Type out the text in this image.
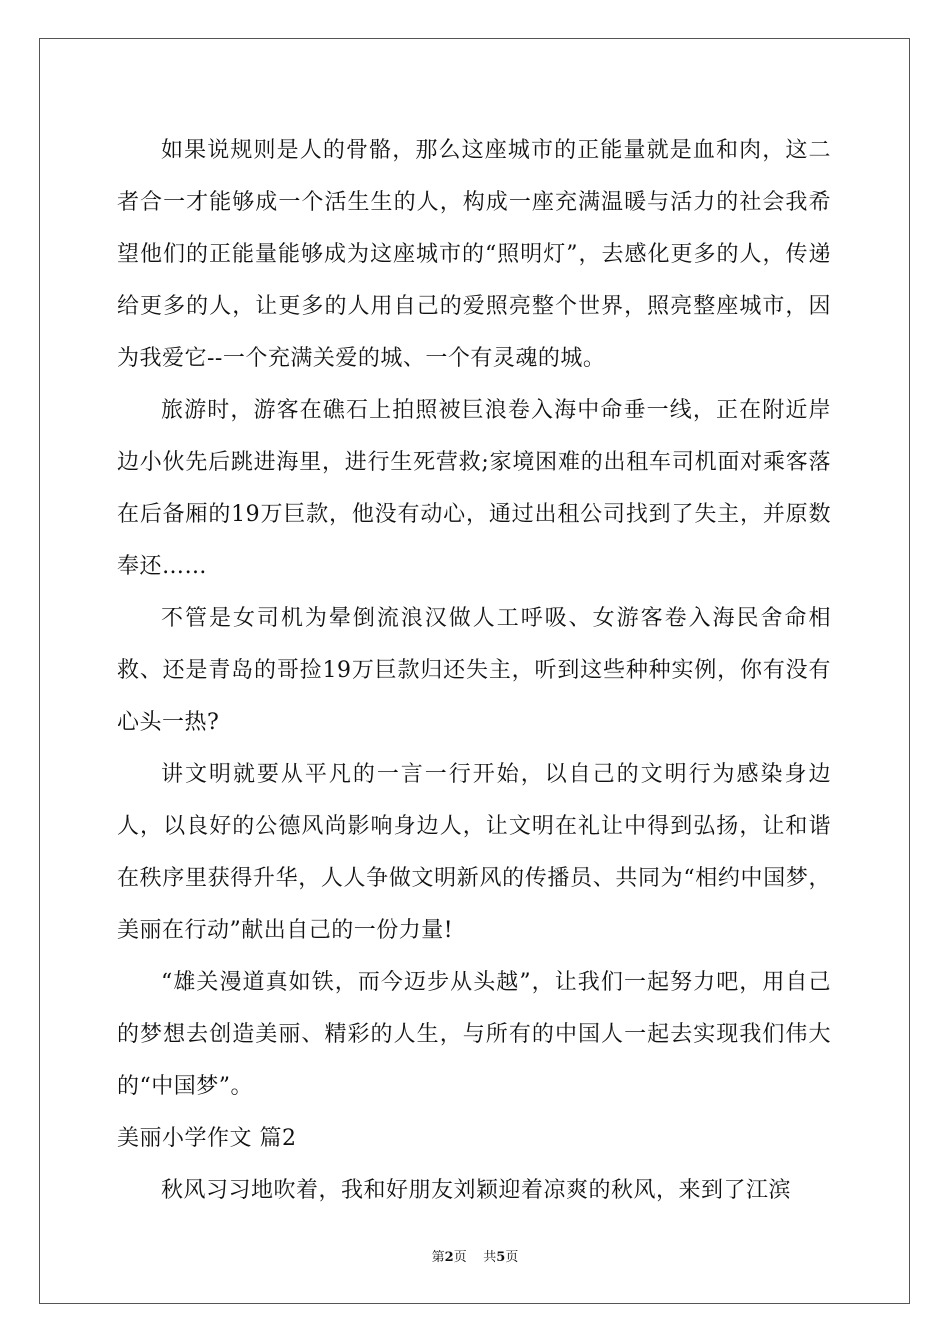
如果说规则是人的骨骼，那么这座城市的正能量就是血和肉，这二者合一才能够成一个活生生的人，构成一座充满温暖与活力的社会我希望他们的正能量能够成为这座城市的“照明灯”，去感化更多的人，传递给更多的人，让更多的人用自己的爱照亮整个世界，照亮整座城市，因为我爱它--一个充满关爱的城、一个有灵魂的城。

旅游时，游客在礁石上拍照被巨浪卷入海中命垂一线，正在附近岸边小伙先后跳进海里，进行生死营救;家境困难的出租车司机面对乘客落在后备厢的19万巨款，他没有动心，通过出租公司找到了失主，并原数奉还……

不管是女司机为晕倒流浪汉做人工呼吸、女游客卷入海民舍命相救、还是青岛的哥捡19万巨款归还失主，听到这些种种实例，你有没有心头一热?

讲文明就要从平凡的一言一行开始，以自己的文明行为感染身边人，以良好的公德风尚影响身边人，让文明在礼让中得到弘扬，让和谐在秩序里获得升华，人人争做文明新风的传播员、共同为“相约中国梦，美丽在行动”献出自己的一份力量!

“雄关漫道真如铁，而今迈步从头越”，让我们一起努力吧，用自己的梦想去创造美丽、精彩的人生，与所有的中国人一起去实现我们伟大的“中国梦”。

美丽小学作文 篇2

秋风习习地吹着，我和好朋友刘颖迎着凉爽的秋风，来到了江滨

第2页 共5页
